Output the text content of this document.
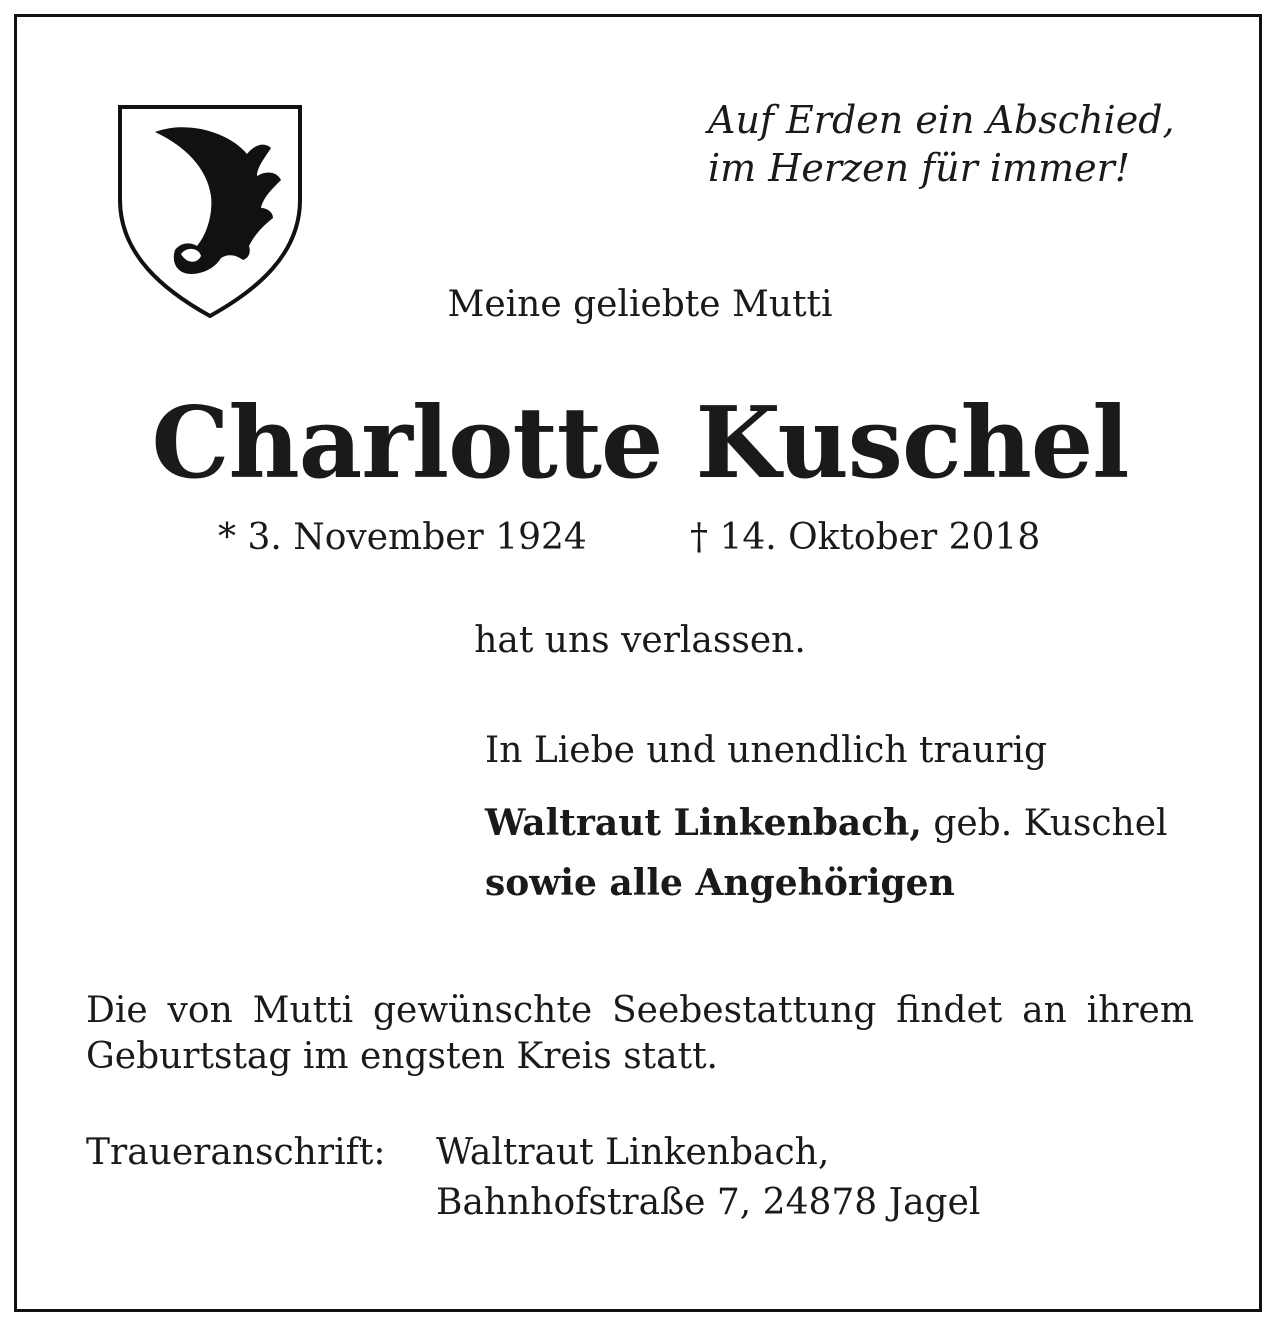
Auf Erden ein Abschied,
im Herzen für immer!
Meine geliebte Mutti
Charlotte Kuschel
* 3. November 1924	† 14. Oktober 2018
hat uns verlassen.
In Liebe und unendlich traurig
Waltraut Linkenbach, geb. Kuschel
sowie alle Angehörigen
Die von Mutti gewünschte Seebestattung findet an ihrem Geburtstag im engsten Kreis statt.
Traueranschrift: Waltraut Linkenbach,
Bahnhofstraße 7, 24878 Jagel
